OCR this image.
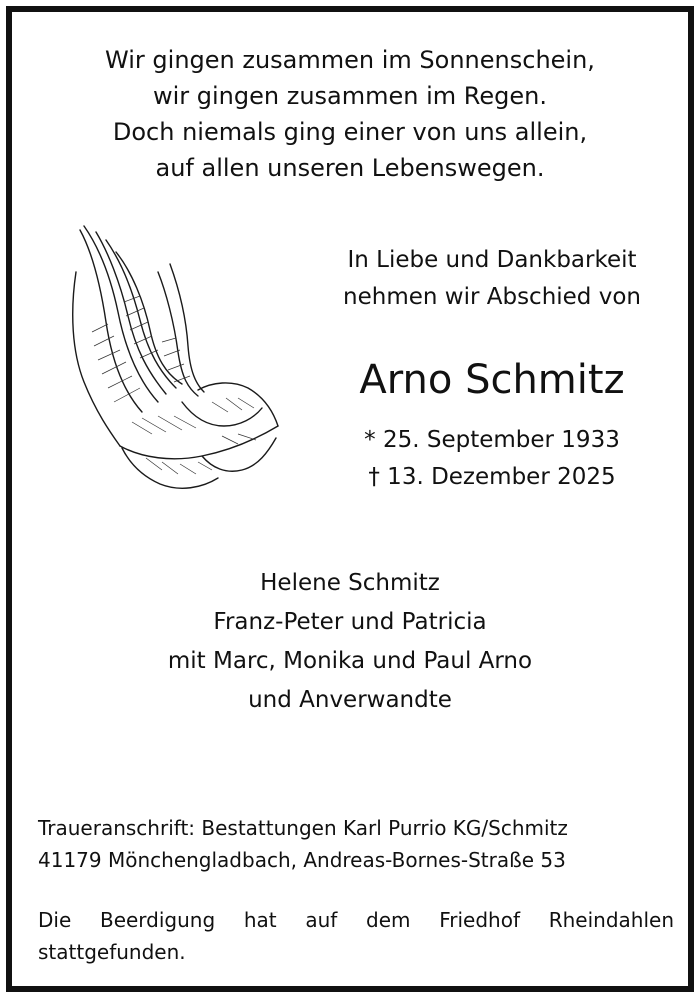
Wir gingen zusammen im Sonnenschein,
wir gingen zusammen im Regen.
Doch niemals ging einer von uns allein,
auf allen unseren Lebenswegen.
In Liebe und Dankbarkeit
nehmen wir Abschied von
Arno Schmitz
* 25. September 1933
† 13. Dezember 2025
Helene Schmitz
Franz-Peter und Patricia
mit Marc, Monika und Paul Arno
und Anverwandte
Traueranschrift: Bestattungen Karl Purrio KG/Schmitz
41179 Mönchengladbach, Andreas-Bornes-Straße 53
Die Beerdigung hat auf dem Friedhof Rheindahlen
stattgefunden.
